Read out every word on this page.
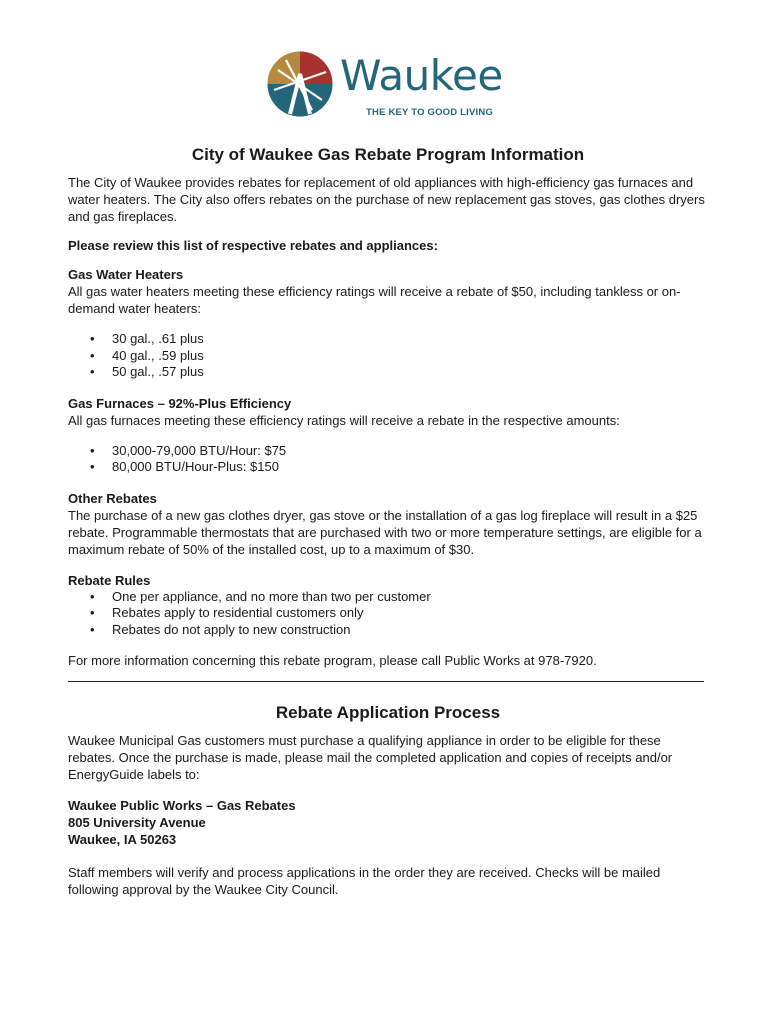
Waukee
THE KEY TO GOOD LIVING
City of Waukee Gas Rebate Program Information

The City of Waukee provides rebates for replacement of old appliances with high-efficiency gas furnaces and water heaters. The City also offers rebates on the purchase of new replacement gas stoves, gas clothes dryers and gas fireplaces.

Please review this list of respective rebates and appliances:

Gas Water Heaters

All gas water heaters meeting these efficiency ratings will receive a rebate of $50, including tankless or on-demand water heaters:

• 30 gal., .61 plus
• 40 gal., .59 plus
• 50 gal., .57 plus

Gas Furnaces – 92%-Plus Efficiency

All gas furnaces meeting these efficiency ratings will receive a rebate in the respective amounts:

• 30,000-79,000 BTU/Hour: $75
• 80,000 BTU/Hour-Plus: $150

Other Rebates

The purchase of a new gas clothes dryer, gas stove or the installation of a gas log fireplace will result in a $25 rebate. Programmable thermostats that are purchased with two or more temperature settings, are eligible for a maximum rebate of 50% of the installed cost, up to a maximum of $30.

Rebate Rules

• One per appliance, and no more than two per customer
• Rebates apply to residential customers only
• Rebates do not apply to new construction

For more information concerning this rebate program, please call Public Works at 978-7920.

Rebate Application Process

Waukee Municipal Gas customers must purchase a qualifying appliance in order to be eligible for these rebates. Once the purchase is made, please mail the completed application and copies of receipts and/or EnergyGuide labels to:

Waukee Public Works – Gas Rebates

805 University Avenue

Waukee, IA 50263

Staff members will verify and process applications in the order they are received. Checks will be mailed following approval by the Waukee City Council.
